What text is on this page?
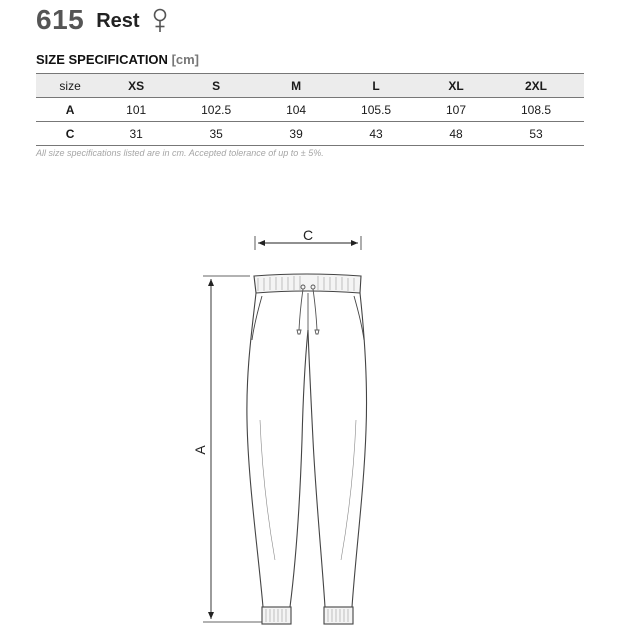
615 Rest
SIZE SPECIFICATION [cm]
size	XS	S	M	L	XL	2XL
A	101	102.5	104	105.5	107	108.5
C	31	35	39	43	48	53
All size specifications listed are in cm. Accepted tolerance of up to ± 5%.
C
A
